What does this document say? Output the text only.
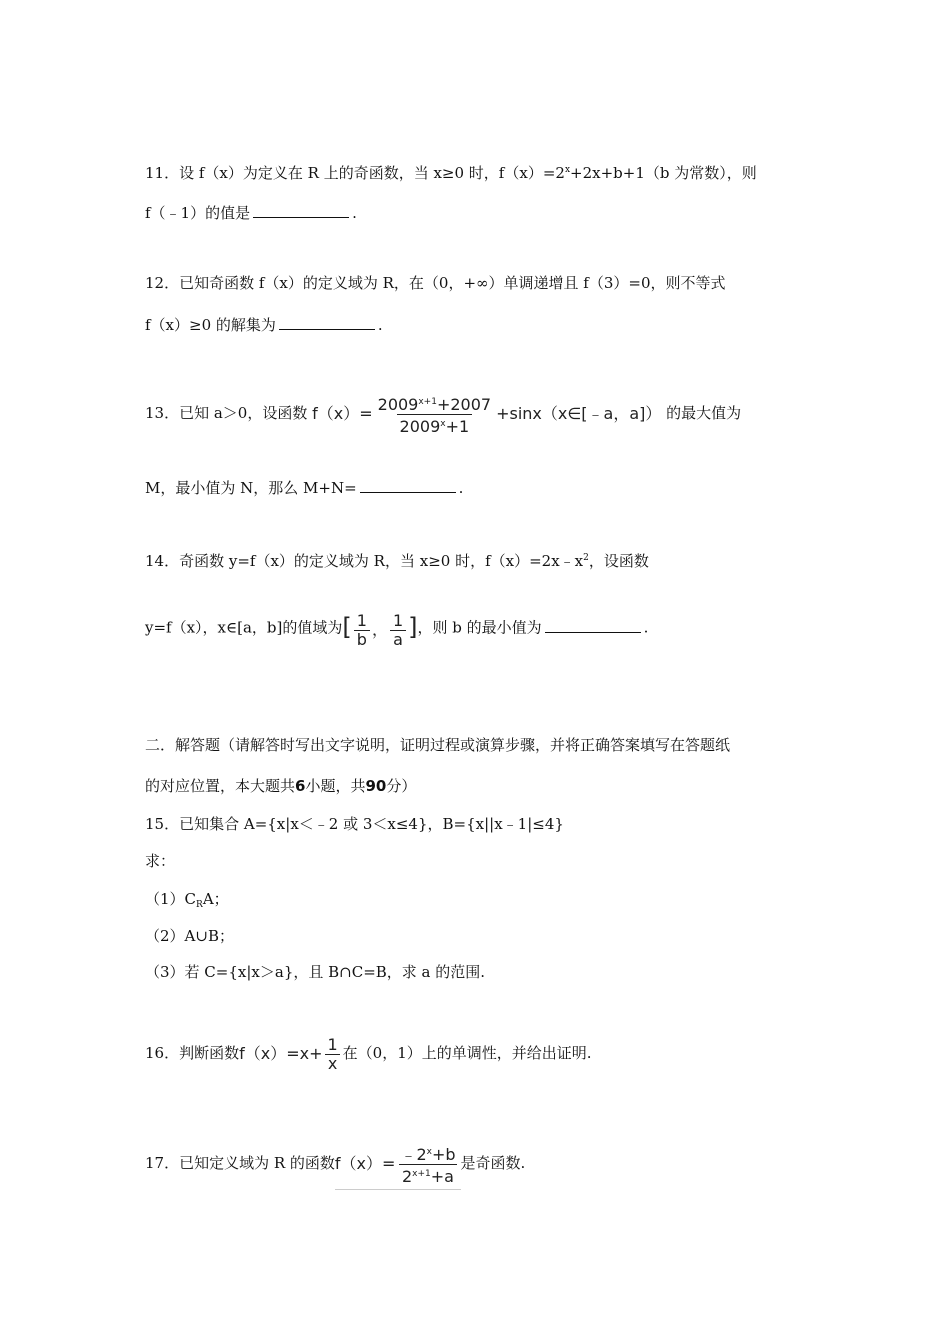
11．设 f（x）为定义在 R 上的奇函数，当 x≥0 时，$f(x)=2^x+2x+b+1(b$ 为常数），则
f（﹣1）的值是	.
12．已知奇函数 f（x）的定义域为 R，在（0，+∞）单调递增且 f（3）=0，则不等式
f（x）≥0 的解集为	.
13．已知 a＞0，设函数 $f(x)= \frac{2009^{x+1}+2007}{2009^x+1}$ +sinx（x∈[﹣a，a]） 的最大值为
M，最小值为 N，那么 M+N=	.
14．奇函数 y=f（x）的定义域为 R，当 x≥0 时，$f(x)=2x﹣x^2$，设函数
y=f（x），x∈[a，b]的值域为[ $\frac{1}{b}$ ， $\frac{1}{a}$ ]，则 b 的最小值为	.
二．解答题（请解答时写出文字说明，证明过程或演算步骤，并将正确答案填写在答题纸
的对应位置，本大题共6小题，共90分）
15．已知集合 A={x|x＜﹣2 或 3＜x≤4}，B={x||x﹣1|≤4}
求：
$(1)C_RA$；
（2）A∪B；
（3）若 C={x|x＞a}，且 B∩C=B，求 a 的范围.
16．判断函数$f(x)=x+ \frac{1}{x}$ 在（0，1）上的单调性，并给出证明.
17．已知定义域为 R 的函数$f(x)= \frac{﹣2^x+b}{2^{x+1}+a}$ 是奇函数.
